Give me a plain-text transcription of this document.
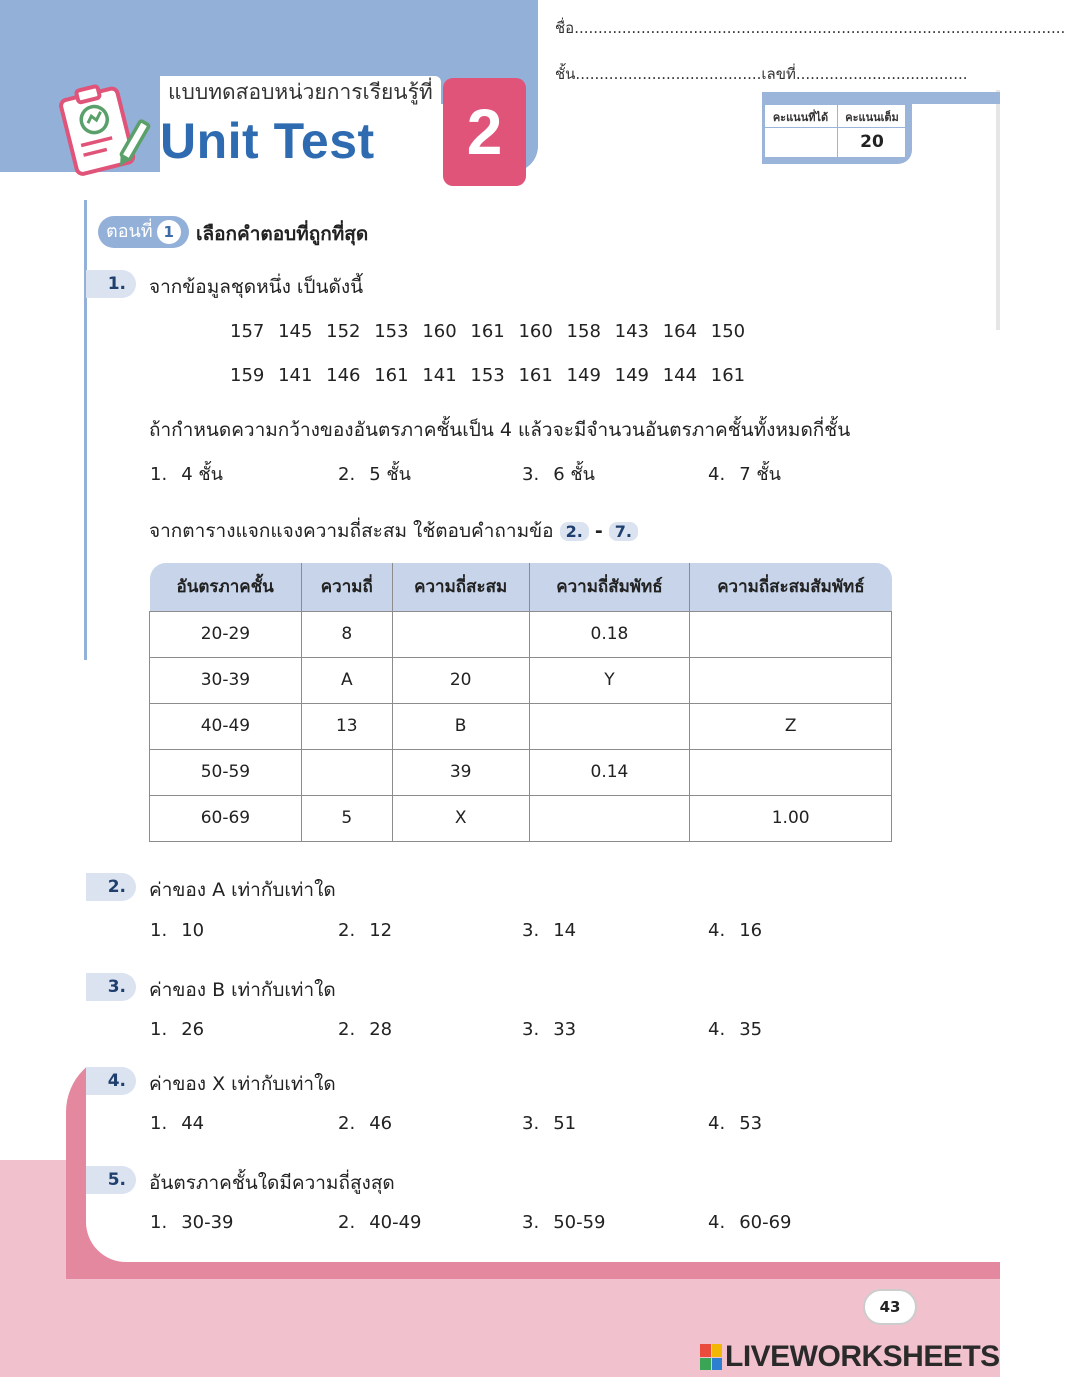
แบบทดสอบหน่วยการเรียนรู้ที่
Unit Test	2
ชื่อ.......................................................................................................
ชั้น.......................................เลขที่....................................
คะแนนที่ได้	คะแนนเต็ม
20
ตอนที่ 1	เลือกคำตอบที่ถูกที่สุด
1.	จากข้อมูลชุดหนึ่ง เป็นดังนี้
157 145 152 153 160 161 160 158 143 164 150
159 141 146 161 141 153 161 149 149 144 161
ถ้ากำหนดความกว้างของอันตรภาคชั้นเป็น 4 แล้วจะมีจำนวนอันตรภาคชั้นทั้งหมดกี่ชั้น
1. 4 ชั้น	2. 5 ชั้น	3. 6 ชั้น	4. 7 ชั้น
จากตารางแจกแจงความถี่สะสม ใช้ตอบคำถามข้อ 2. - 7.
อันตรภาคชั้น	ความถี่	ความถี่สะสม	ความถี่สัมพัทธ์	ความถี่สะสมสัมพัทธ์
20-29	8		0.18	
30-39	A	20	Y	
40-49	13	B		Z
50-59		39	0.14	
60-69	5	X		1.00
2.	ค่าของ A เท่ากับเท่าใด
1. 10	2. 12	3. 14	4. 16
3.	ค่าของ B เท่ากับเท่าใด
1. 26	2. 28	3. 33	4. 35
4.	ค่าของ X เท่ากับเท่าใด
1. 44	2. 46	3. 51	4. 53
5.	อันตรภาคชั้นใดมีความถี่สูงสุด
1. 30-39	2. 40-49	3. 50-59	4. 60-69
43
LIVEWORKSHEETS
